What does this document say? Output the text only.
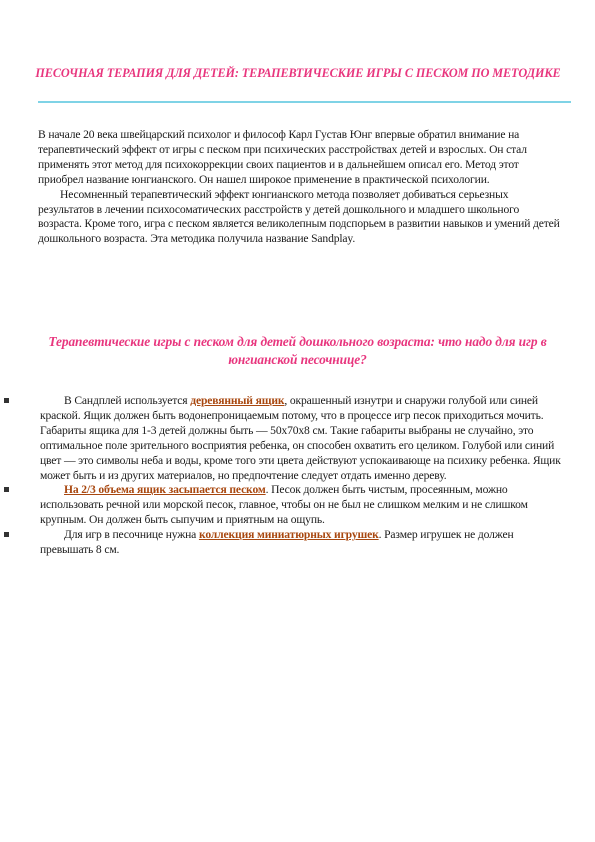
ПЕСОЧНАЯ ТЕРАПИЯ ДЛЯ ДЕТЕЙ: ТЕРАПЕВТИЧЕСКИЕ ИГРЫ С ПЕСКОМ ПО МЕТОДИКЕ

В начале 20 века швейцарский психолог и философ Карл Густав Юнг впервые обратил внимание на терапевтический эффект от игры с песком при психических расстройствах детей и взрослых. Он стал применять этот метод для психокоррекции своих пациентов и в дальнейшем описал его. Метод этот приобрел название юнгианского. Он нашел широкое применение в практической психологии.

Несомненный терапевтический эффект юнгианского метода позволяет добиваться серьезных результатов в лечении психосоматических расстройств у детей дошкольного и младшего школьного возраста. Кроме того, игра с песком является великолепным подспорьем в развитии навыков и умений детей дошкольного возраста. Эта методика получила название Sandplay.

Терапевтические игры с песком для детей дошкольного возраста: что надо для игр в юнгианской песочнице?

В Сандплей используется деревянный ящик, окрашенный изнутри и снаружи голубой или синей краской. Ящик должен быть водонепроницаемым потому, что в процессе игр песок приходиться мочить. Габариты ящика для 1-3 детей должны быть — 50х70х8 см. Такие габариты выбраны не случайно, это оптимальное поле зрительного восприятия ребенка, он способен охватить его целиком. Голубой или синий цвет — это символы неба и воды, кроме того эти цвета действуют успокаивающе на психику ребенка. Ящик может быть и из других материалов, но предпочтение следует отдать именно дереву.

На 2/3 объема ящик засыпается песком. Песок должен быть чистым, просеянным, можно использовать речной или морской песок, главное, чтобы он не был не слишком мелким и не слишком крупным. Он должен быть сыпучим и приятным на ощупь.

Для игр в песочнице нужна коллекция миниатюрных игрушек. Размер игрушек не должен превышать 8 см.
